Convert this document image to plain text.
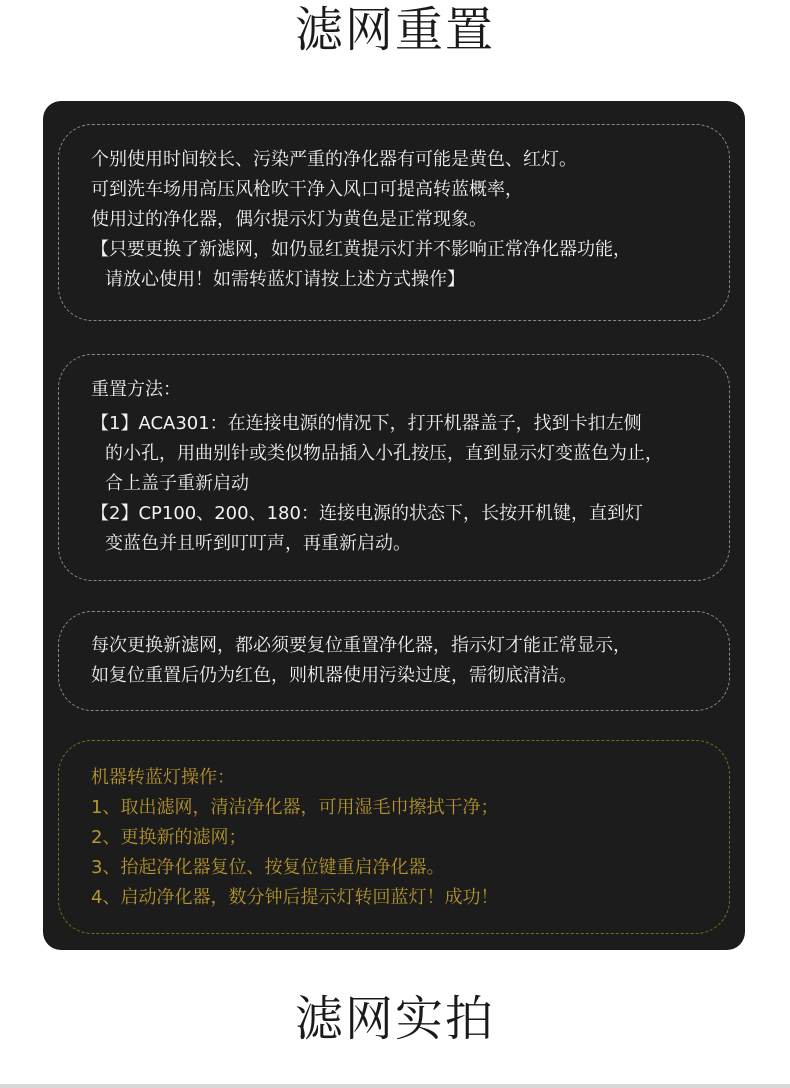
滤网重置
个别使用时间较长、污染严重的净化器有可能是黄色、红灯。
可到洗车场用高压风枪吹干净入风口可提高转蓝概率，
使用过的净化器，偶尔提示灯为黄色是正常现象。
【只要更换了新滤网，如仍显红黄提示灯并不影响正常净化器功能，
请放心使用！如需转蓝灯请按上述方式操作】
重置方法：
【1】ACA301：在连接电源的情况下，打开机器盖子，找到卡扣左侧
的小孔，用曲别针或类似物品插入小孔按压，直到显示灯变蓝色为止，
合上盖子重新启动
【2】CP100、200、180：连接电源的状态下，长按开机键，直到灯
变蓝色并且听到叮叮声，再重新启动。
每次更换新滤网，都必须要复位重置净化器，指示灯才能正常显示，
如复位重置后仍为红色，则机器使用污染过度，需彻底清洁。
机器转蓝灯操作：
1、取出滤网，清洁净化器，可用湿毛巾擦拭干净；
2、更换新的滤网；
3、抬起净化器复位、按复位键重启净化器。
4、启动净化器，数分钟后提示灯转回蓝灯！成功！
滤网实拍
